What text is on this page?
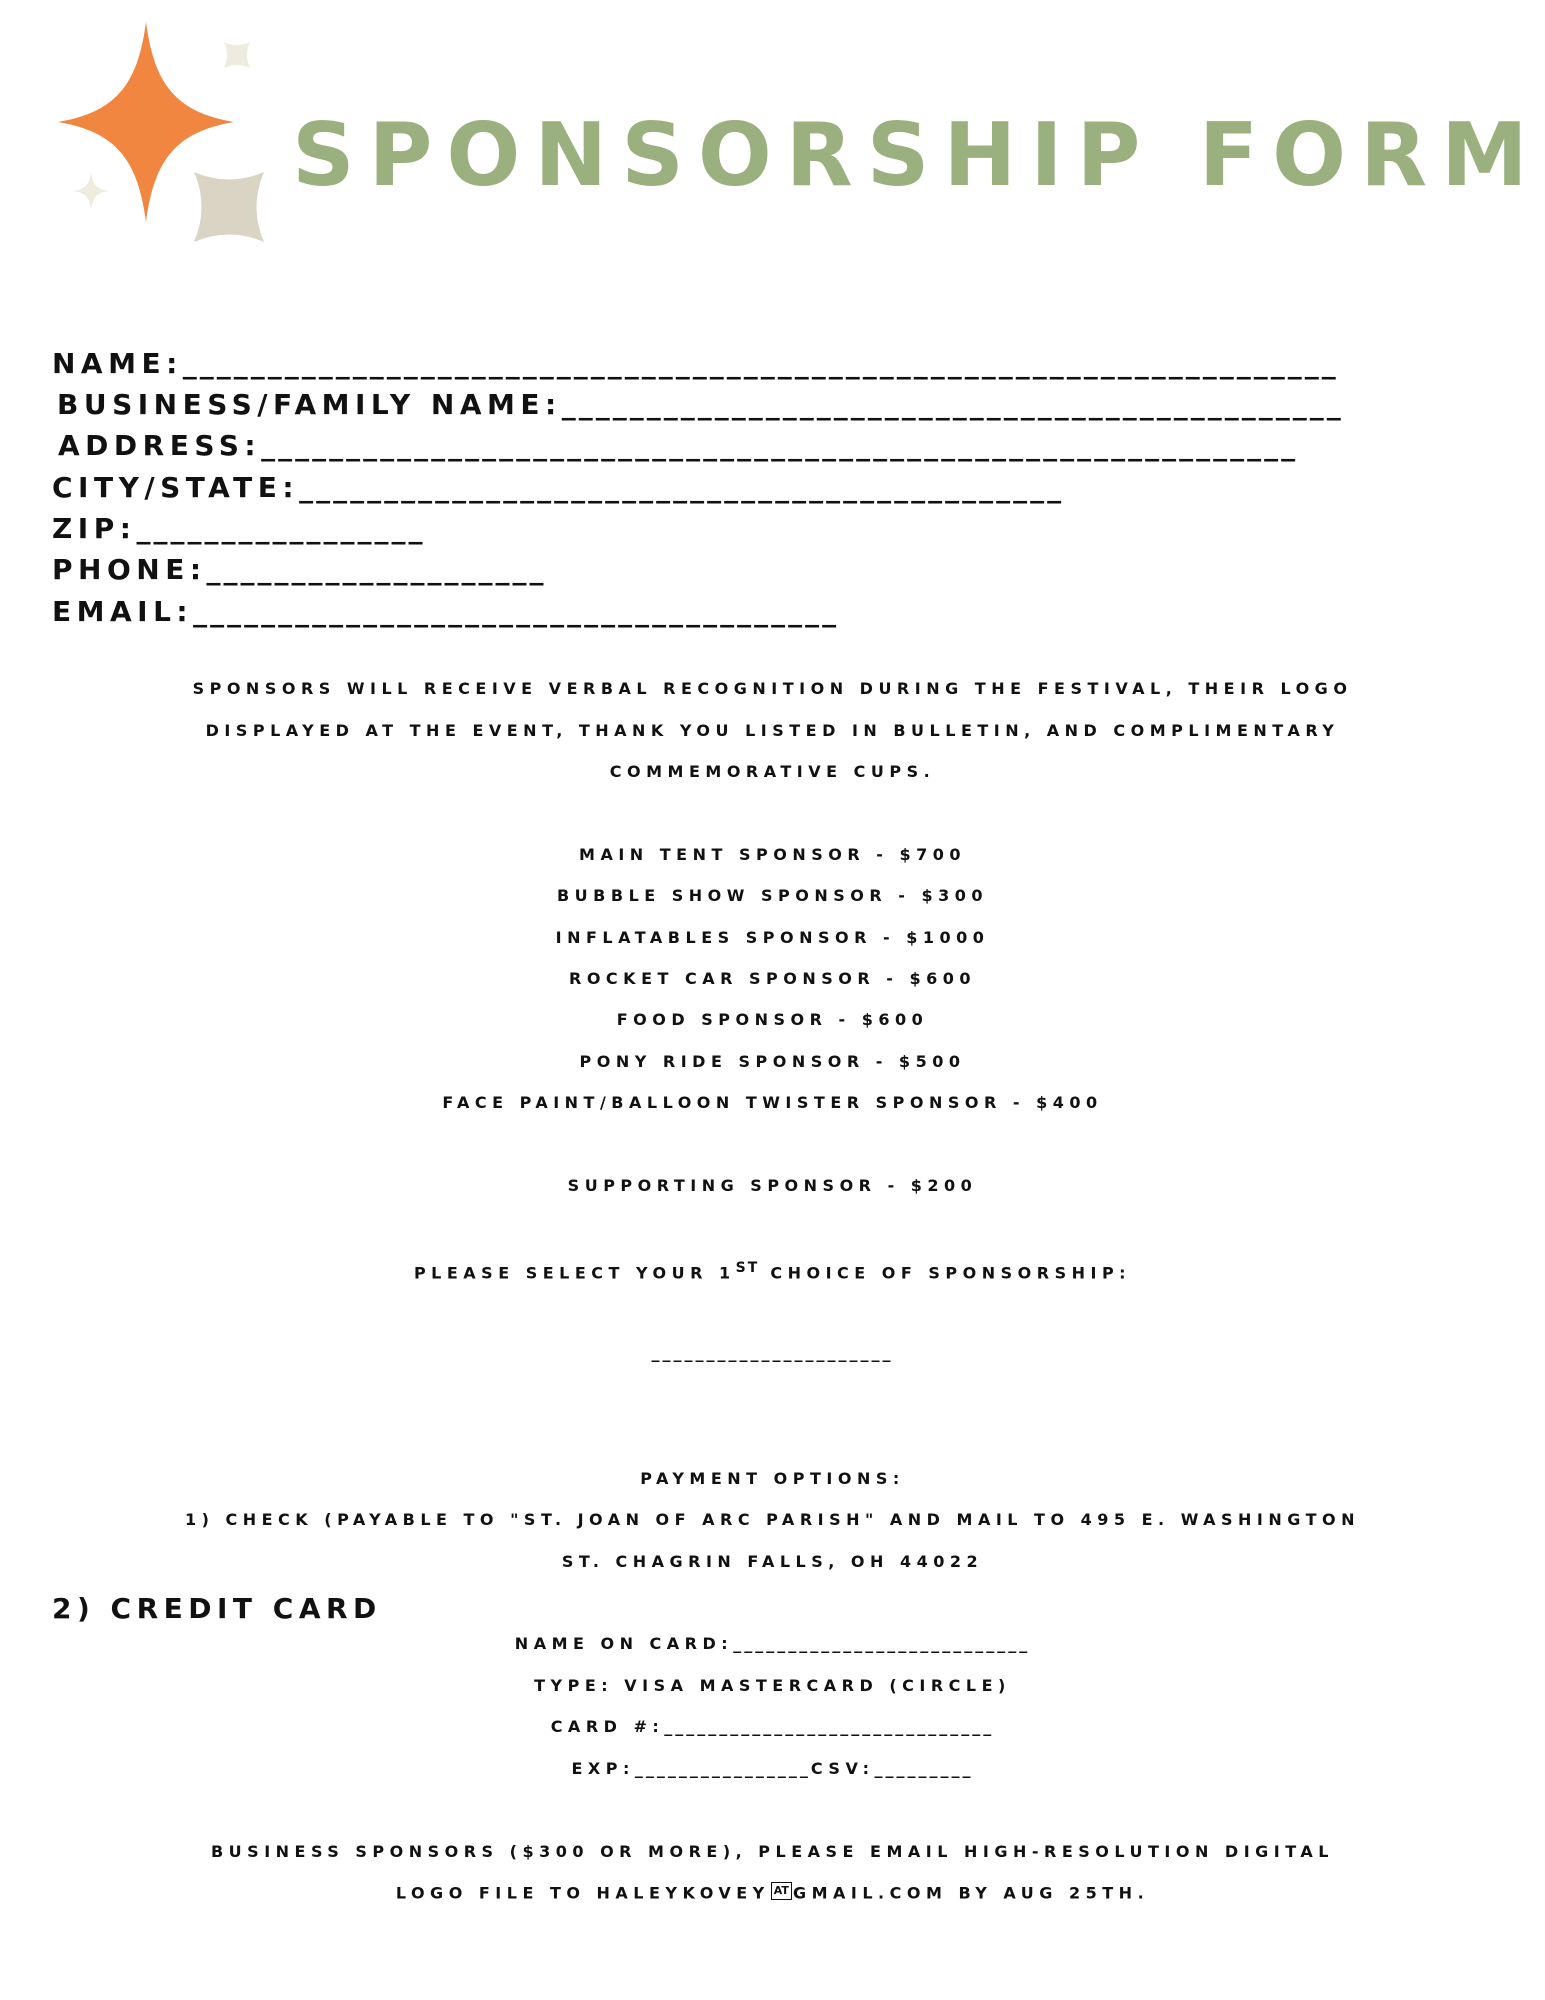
SPONSORSHIP FORM
NAME:____________________________________________________________________
BUSINESS/FAMILY NAME:______________________________________________
ADDRESS:_____________________________________________________________
CITY/STATE:_____________________________________________
ZIP:_________________
PHONE:____________________
EMAIL:______________________________________
SPONSORS WILL RECEIVE VERBAL RECOGNITION DURING THE FESTIVAL, THEIR LOGO
DISPLAYED AT THE EVENT, THANK YOU LISTED IN BULLETIN, AND COMPLIMENTARY
COMMEMORATIVE CUPS.
MAIN TENT SPONSOR - $700
BUBBLE SHOW SPONSOR - $300
INFLATABLES SPONSOR - $1000
ROCKET CAR SPONSOR - $600
FOOD SPONSOR - $600
PONY RIDE SPONSOR - $500
FACE PAINT/BALLOON TWISTER SPONSOR - $400
SUPPORTING SPONSOR - $200
PLEASE SELECT YOUR 1ST CHOICE OF SPONSORSHIP:
______________________
PAYMENT OPTIONS:
1) CHECK (PAYABLE TO "ST. JOAN OF ARC PARISH" AND MAIL TO 495 E. WASHINGTON
ST. CHAGRIN FALLS, OH 44022
2) CREDIT CARD
NAME ON CARD:___________________________
TYPE: VISA MASTERCARD (CIRCLE)
CARD #:______________________________
EXP:________________CSV:_________
BUSINESS SPONSORS ($300 OR MORE), PLEASE EMAIL HIGH-RESOLUTION DIGITAL
LOGO FILE TO HALEYKOVEY AT GMAIL.COM BY AUG 25TH.
